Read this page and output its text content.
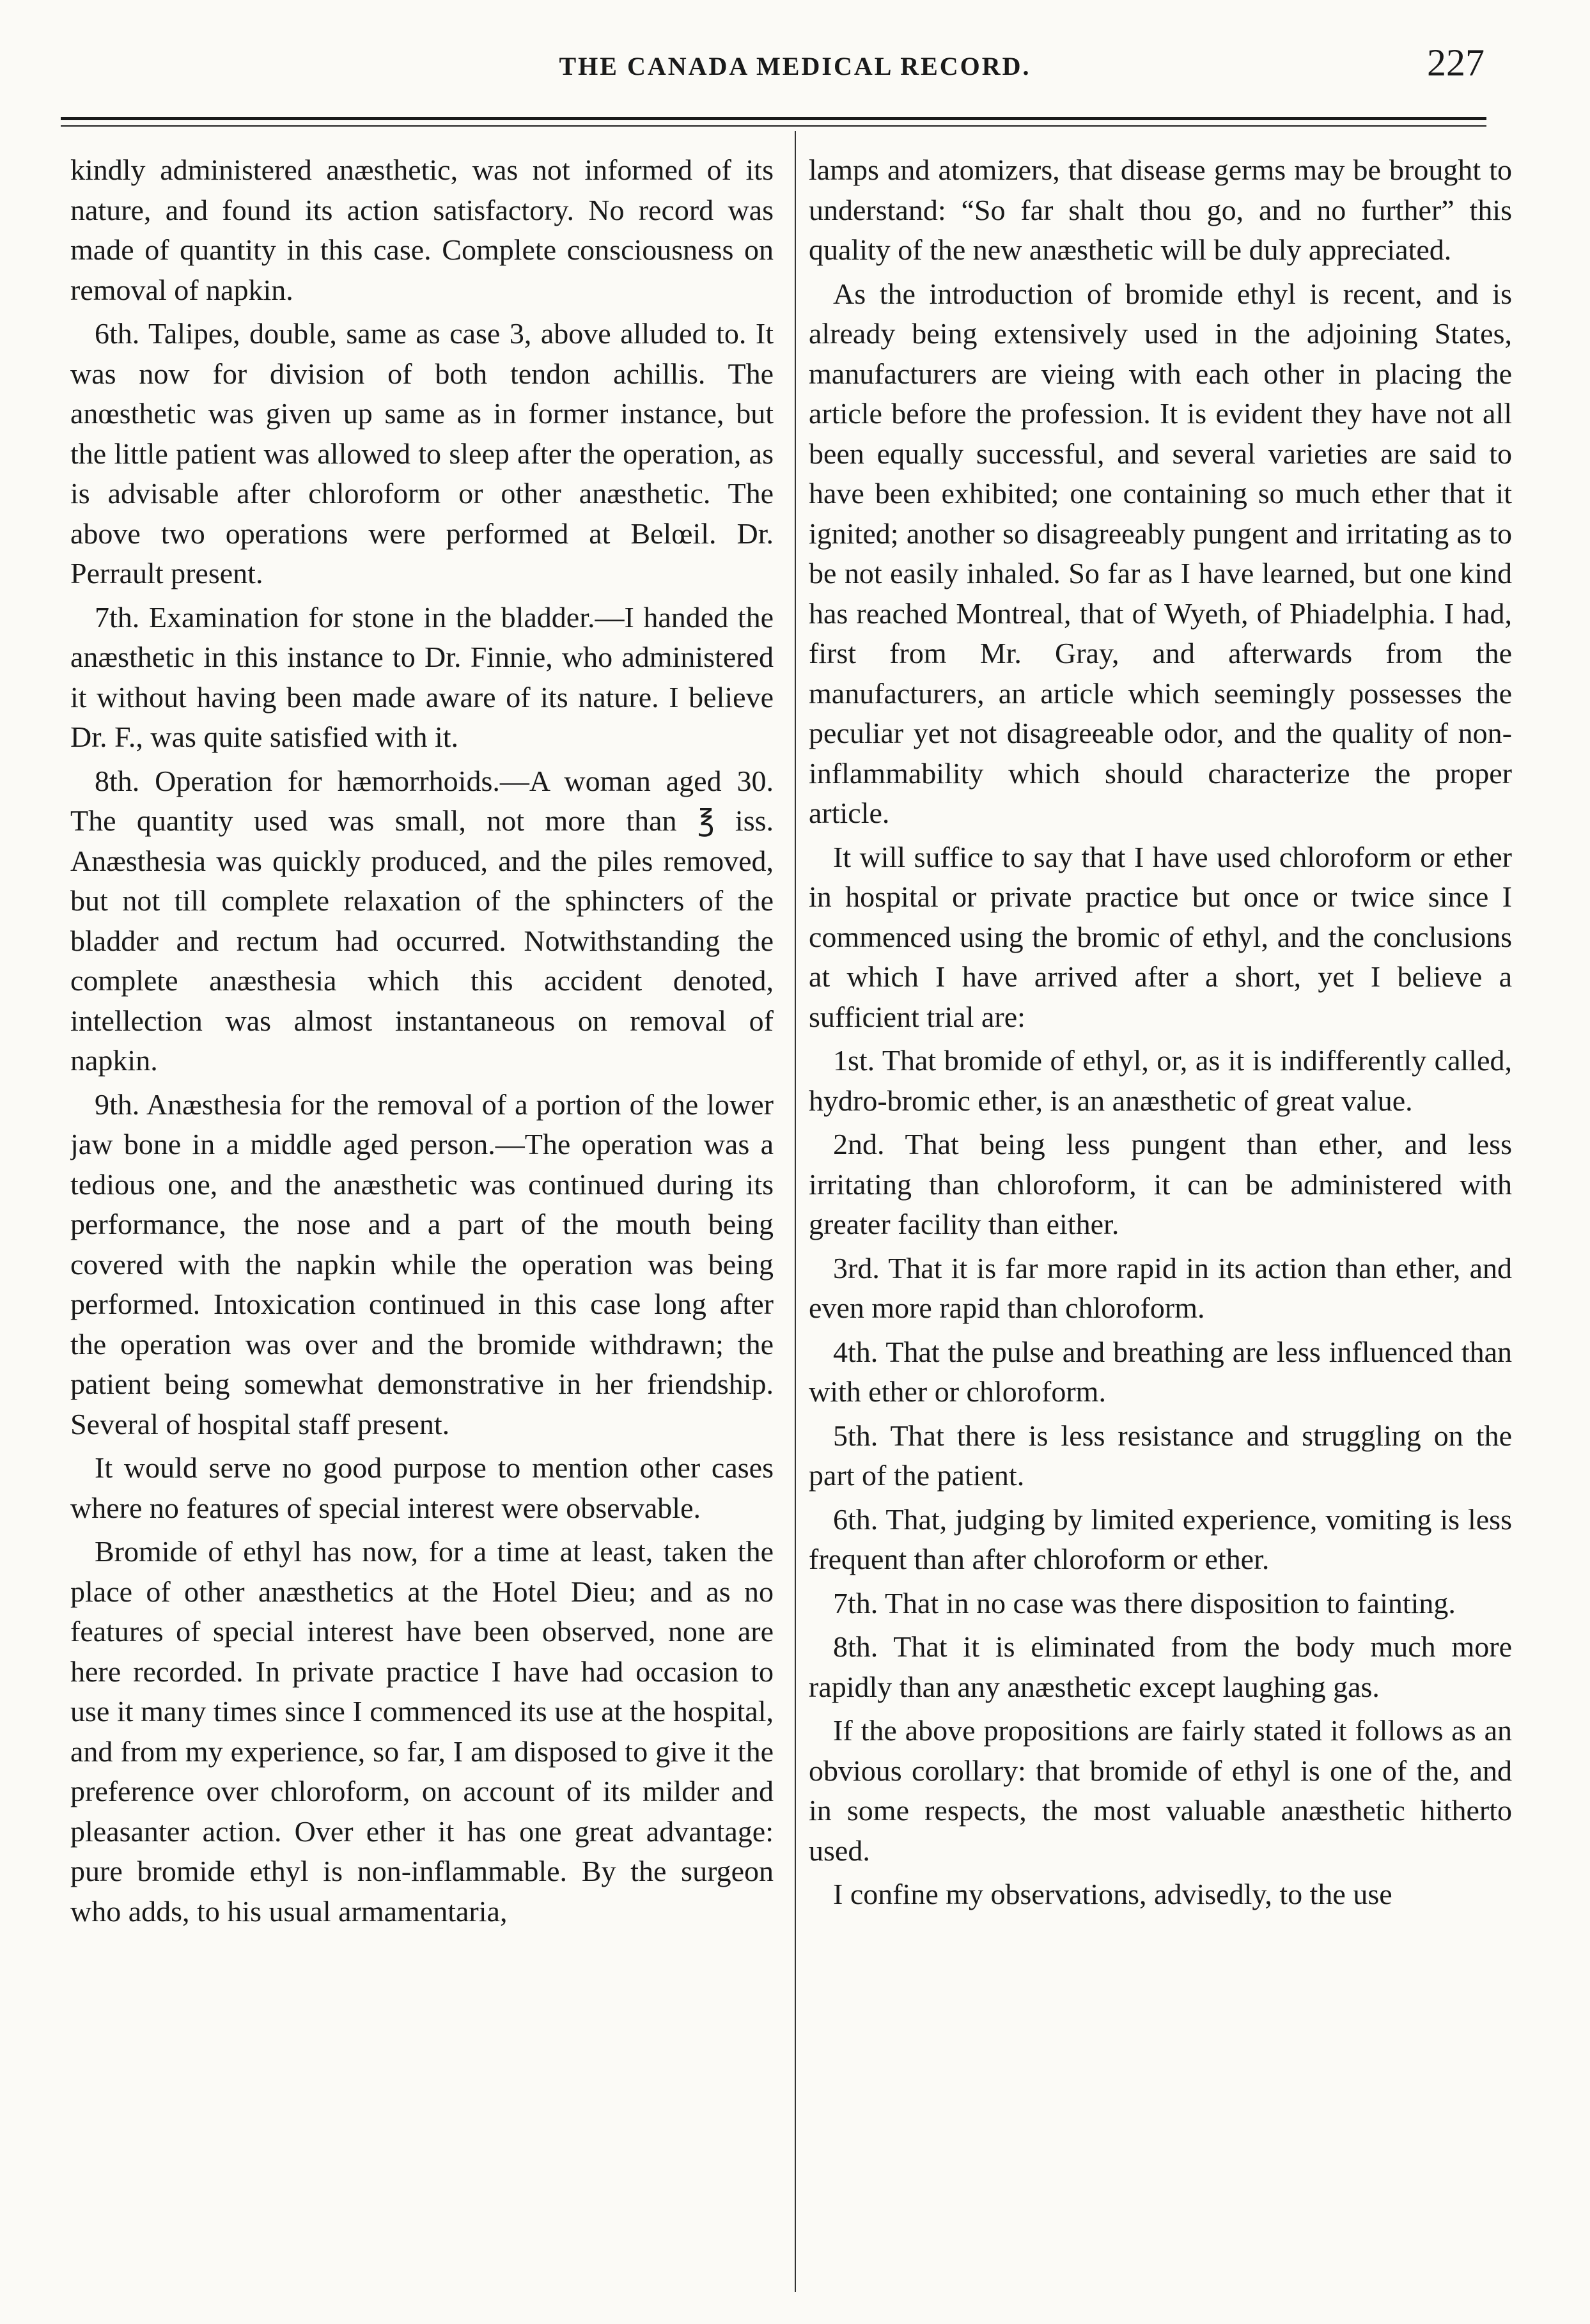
THE CANADA MEDICAL RECORD.	227

kindly administered anæsthetic, was not informed of its nature, and found its action satisfactory. No record was made of quantity in this case. Complete consciousness on removal of napkin.

6th. Talipes, double, same as case 3, above alluded to. It was now for division of both tendon achillis. The anœsthetic was given up same as in former instance, but the little patient was allowed to sleep after the operation, as is advisable after chloroform or other anæsthetic. The above two operations were performed at Belœil. Dr. Perrault present.

7th. Examination for stone in the bladder.—I handed the anæsthetic in this instance to Dr. Finnie, who administered it without having been made aware of its nature. I believe Dr. F., was quite satisfied with it.

8th. Operation for hæmorrhoids.—A woman aged 30. The quantity used was small, not more than ℥ iss. Anæsthesia was quickly produced, and the piles removed, but not till complete relaxation of the sphincters of the bladder and rectum had occurred. Notwithstanding the complete anæsthesia which this accident denoted, intellection was almost instantaneous on removal of napkin.

9th. Anæsthesia for the removal of a portion of the lower jaw bone in a middle aged person.—The operation was a tedious one, and the anæsthetic was continued during its performance, the nose and a part of the mouth being covered with the napkin while the operation was being performed. Intoxication continued in this case long after the operation was over and the bromide withdrawn; the patient being somewhat demonstrative in her friendship. Several of hospital staff present.

It would serve no good purpose to mention other cases where no features of special interest were observable.

Bromide of ethyl has now, for a time at least, taken the place of other anæsthetics at the Hotel Dieu; and as no features of special interest have been observed, none are here recorded. In private practice I have had occasion to use it many times since I commenced its use at the hospital, and from my experience, so far, I am disposed to give it the preference over chloroform, on account of its milder and pleasanter action. Over ether it has one great advantage: pure bromide ethyl is non-inflammable. By the surgeon who adds, to his usual armamentaria,

lamps and atomizers, that disease germs may be brought to understand: “So far shalt thou go, and no further” this quality of the new anæsthetic will be duly appreciated.

As the introduction of bromide ethyl is recent, and is already being extensively used in the adjoining States, manufacturers are vieing with each other in placing the article before the profession. It is evident they have not all been equally successful, and several varieties are said to have been exhibited; one containing so much ether that it ignited; another so disagreeably pungent and irritating as to be not easily inhaled. So far as I have learned, but one kind has reached Montreal, that of Wyeth, of Phiadelphia. I had, first from Mr. Gray, and afterwards from the manufacturers, an article which seemingly possesses the peculiar yet not disagreeable odor, and the quality of non-inflammability which should characterize the proper article.

It will suffice to say that I have used chloroform or ether in hospital or private practice but once or twice since I commenced using the bromic of ethyl, and the conclusions at which I have arrived after a short, yet I believe a sufficient trial are:

1st. That bromide of ethyl, or, as it is indifferently called, hydro-bromic ether, is an anæsthetic of great value.

2nd. That being less pungent than ether, and less irritating than chloroform, it can be administered with greater facility than either.

3rd. That it is far more rapid in its action than ether, and even more rapid than chloroform.

4th. That the pulse and breathing are less influenced than with ether or chloroform.

5th. That there is less resistance and struggling on the part of the patient.

6th. That, judging by limited experience, vomiting is less frequent than after chloroform or ether.

7th. That in no case was there disposition to fainting.

8th. That it is eliminated from the body much more rapidly than any anæsthetic except laughing gas.

If the above propositions are fairly stated it follows as an obvious corollary: that bromide of ethyl is one of the, and in some respects, the most valuable anæsthetic hitherto used.

I confine my observations, advisedly, to the use
